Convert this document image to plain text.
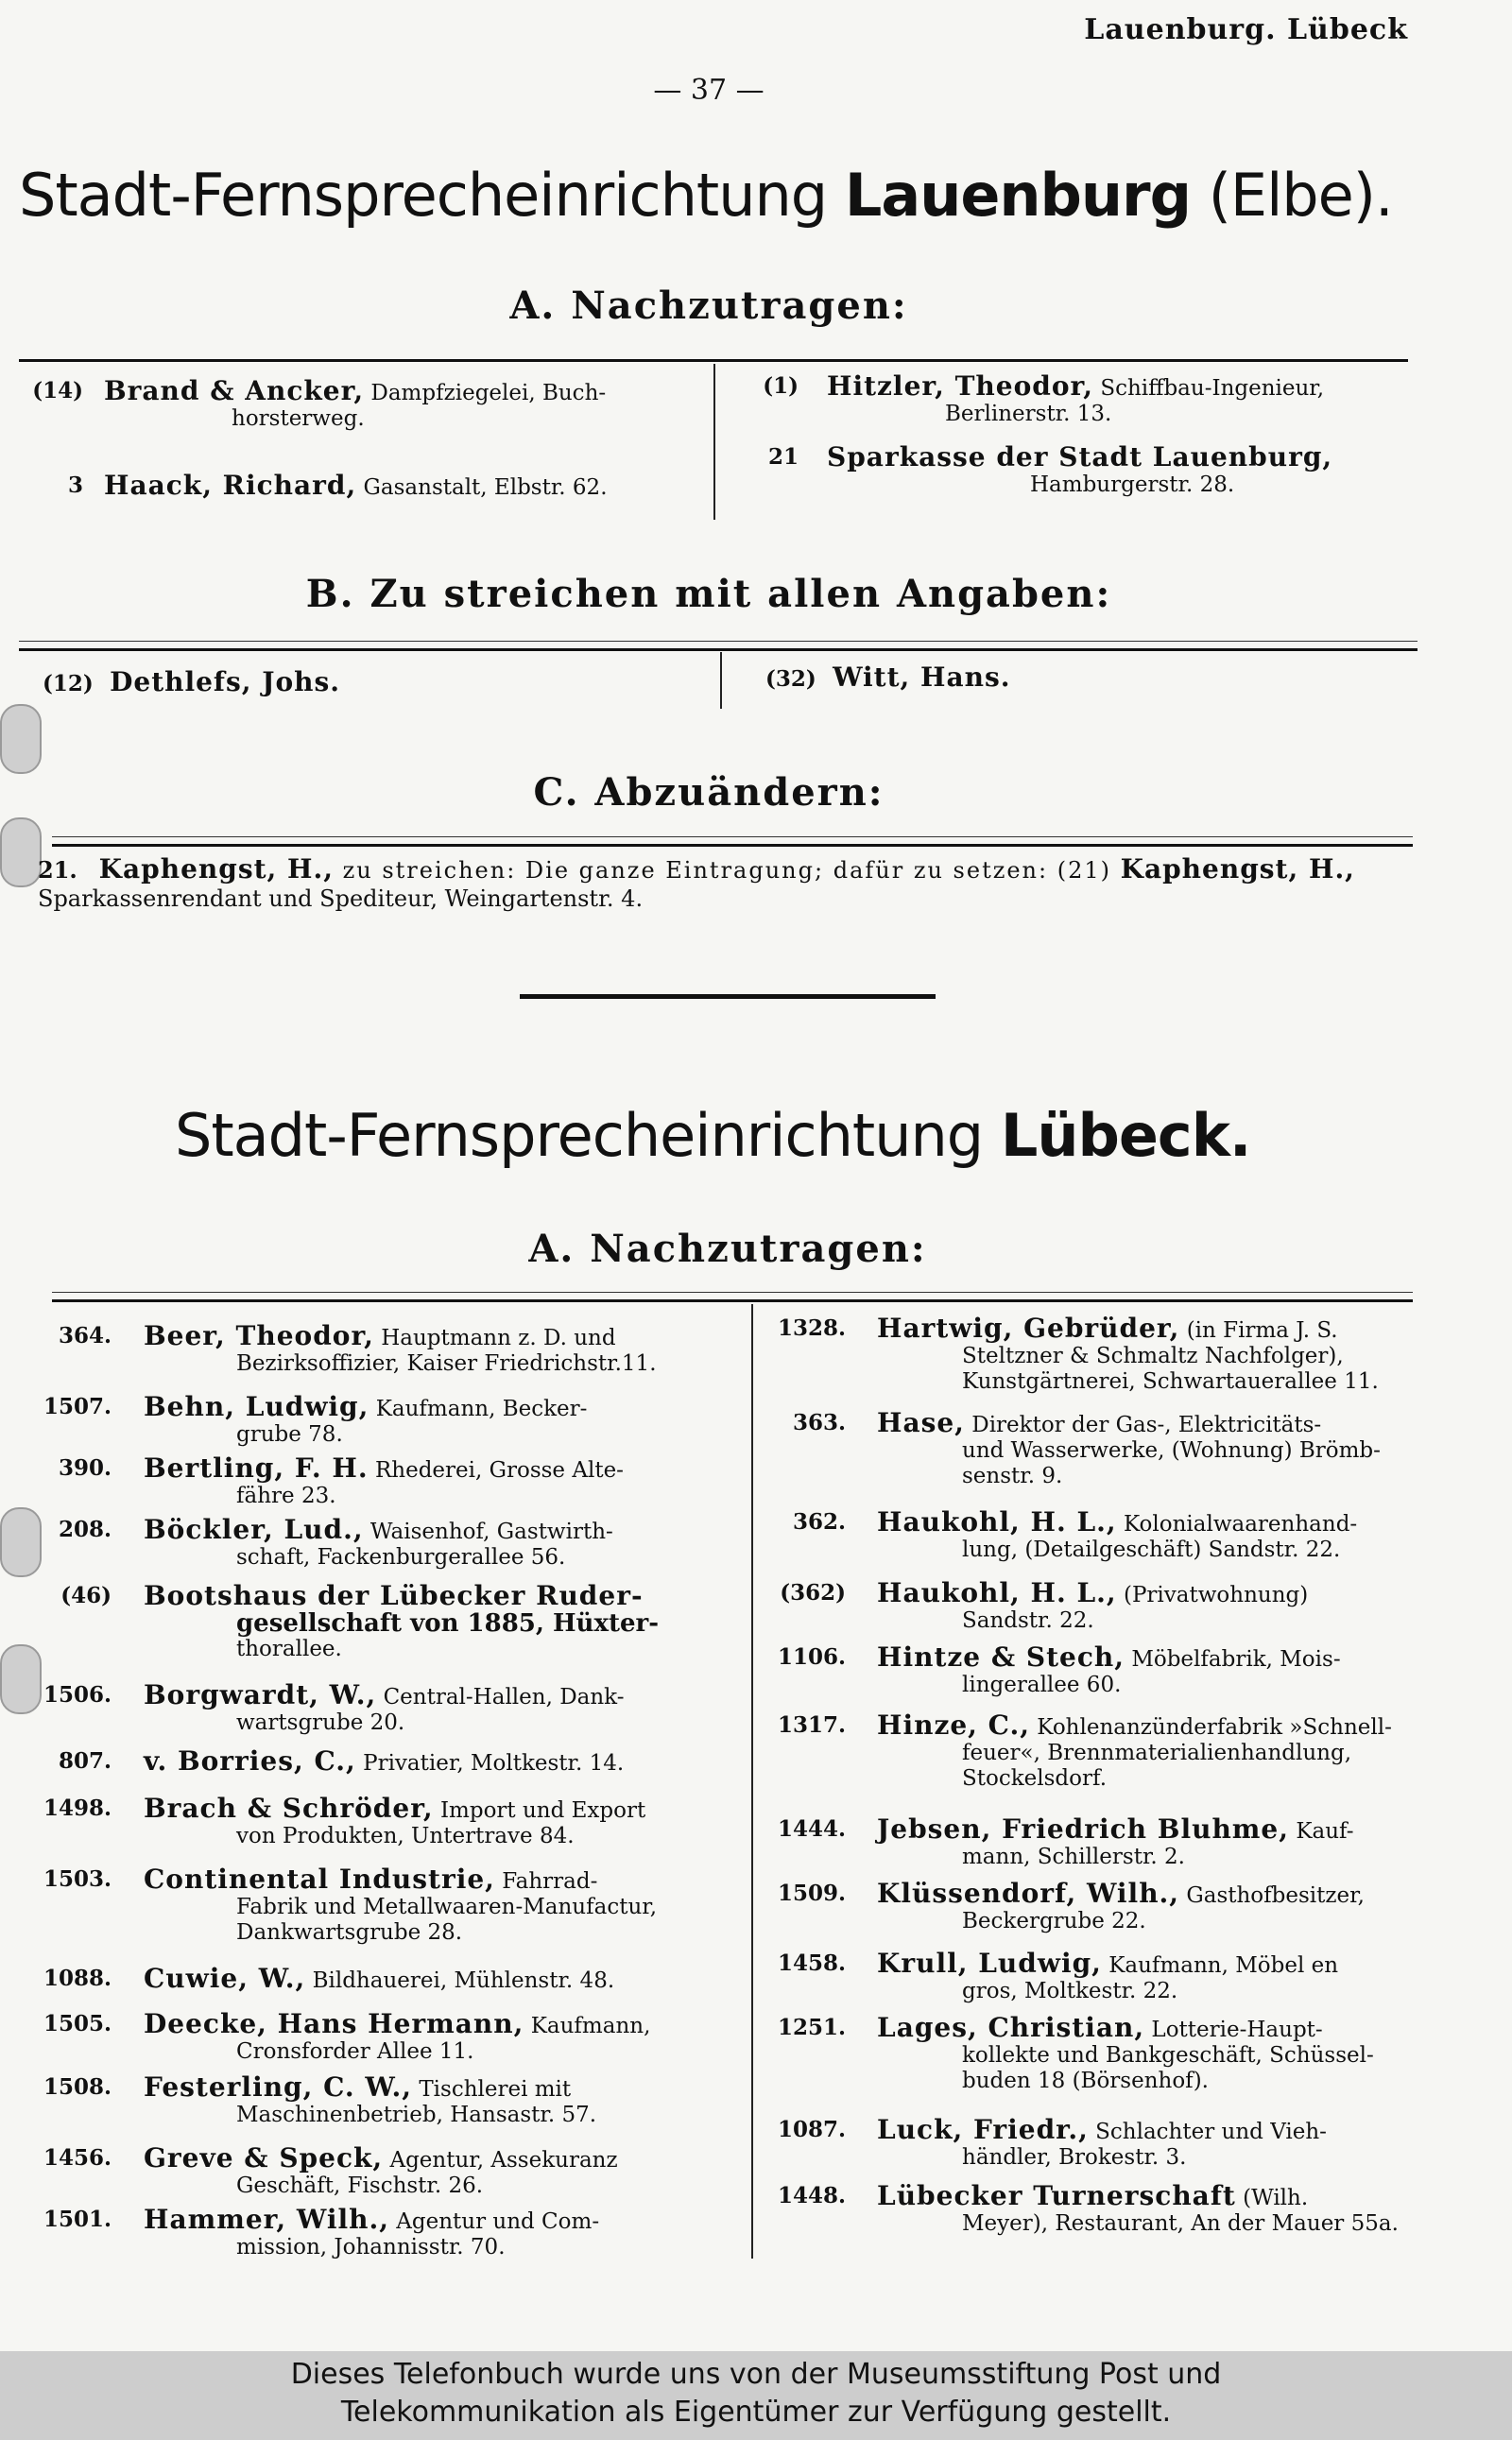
Lauenburg. Lübeck
— 37 —
Stadt-Fernsprecheinrichtung Lauenburg (Elbe).
A. Nachzutragen:
(14) Brand & Ancker, Dampfziegelei, Buch-
horsterweg.
3 Haack, Richard, Gasanstalt, Elbstr. 62.
(1)	Hitzler, Theodor, Schiffbau-Ingenieur,
Berlinerstr. 13.
21	Sparkasse der Stadt Lauenburg,
Hamburgerstr. 28.
B. Zu streichen mit allen Angaben:
(12) Dethlefs, Johs.	(32) Witt, Hans.
C. Abzuändern:
21. Kaphengst, H., zu streichen: Die ganze Eintragung; dafür zu setzen: (21) Kaphengst, H., Sparkassenrendant und Spediteur, Weingartenstr. 4.
Stadt-Fernsprecheinrichtung Lübeck.
A. Nachzutragen:
364.	Beer, Theodor, Hauptmann z. D. und
Bezirksoffizier, Kaiser Friedrichstr.11.
1507.	Behn, Ludwig, Kaufmann, Becker-
grube 78.
390.	Bertling, F. H. Rhederei, Grosse Alte-
fähre 23.
208.	Böckler, Lud., Waisenhof, Gastwirth-
schaft, Fackenburgerallee 56.
(46)	Bootshaus der Lübecker Ruder-
gesellschaft von 1885, Hüxter-
thorallee.
1506.	Borgwardt, W., Central-Hallen, Dank-
wartsgrube 20.
807.	v. Borries, C., Privatier, Moltkestr. 14.
1498.	Brach & Schröder, Import und Export
von Produkten, Untertrave 84.
1503.	Continental Industrie, Fahrrad-
Fabrik und Metallwaaren-Manufactur,
Dankwartsgrube 28.
1088.	Cuwie, W., Bildhauerei, Mühlenstr. 48.
1505.	Deecke, Hans Hermann, Kaufmann,
Cronsforder Allee 11.
1508.	Festerling, C. W., Tischlerei mit
Maschinenbetrieb, Hansastr. 57.
1456.	Greve & Speck, Agentur, Assekuranz
Geschäft, Fischstr. 26.
1501.	Hammer, Wilh., Agentur und Com-
mission, Johannisstr. 70.
1328.	Hartwig, Gebrüder, (in Firma J. S.
Steltzner & Schmaltz Nachfolger),
Kunstgärtnerei, Schwartauerallee 11.
363.	Hase, Direktor der Gas-, Elektricitäts-
und Wasserwerke, (Wohnung) Brömb-
senstr. 9.
362.	Haukohl, H. L., Kolonialwaarenhand-
lung, (Detailgeschäft) Sandstr. 22.
(362)	Haukohl, H. L., (Privatwohnung)
Sandstr. 22.
1106.	Hintze & Stech, Möbelfabrik, Mois-
lingerallee 60.
1317.	Hinze, C., Kohlenanzünderfabrik »Schnell-
feuer«, Brennmaterialienhandlung,
Stockelsdorf.
1444.	Jebsen, Friedrich Bluhme, Kauf-
mann, Schillerstr. 2.
1509.	Klüssendorf, Wilh., Gasthofbesitzer,
Beckergrube 22.
1458.	Krull, Ludwig, Kaufmann, Möbel en
gros, Moltkestr. 22.
1251.	Lages, Christian, Lotterie-Haupt-
kollekte und Bankgeschäft, Schüssel-
buden 18 (Börsenhof).
1087.	Luck, Friedr., Schlachter und Vieh-
händler, Brokestr. 3.
1448.	Lübecker Turnerschaft (Wilh.
Meyer), Restaurant, An der Mauer 55a.
Dieses Telefonbuch wurde uns von der Museumsstiftung Post und
Telekommunikation als Eigentümer zur Verfügung gestellt.
